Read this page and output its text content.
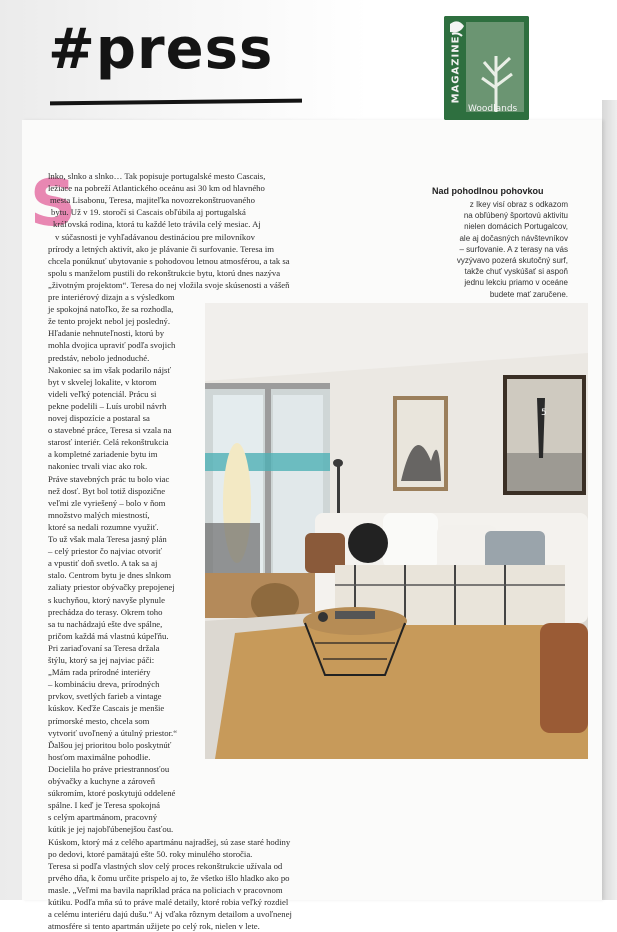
#press	MAGAZINE
Woodlands
S

lnko, slnko a slnko… Tak popisuje portugalské mesto Cascais,

ležiace na pobreží Atlantického oceánu asi 30 km od hlavného

mesta Lisabonu, Teresa, majiteľka novozrekonštruovaného

bytu. Už v 19. storočí si Cascais obľúbila aj portugalská

kráľovská rodina, ktorá tu každé leto trávila celý mesiac. Aj

v súčasnosti je vyhľadávanou destináciou pre milovníkov

prírody a letných aktivít, ako je plávanie či surfovanie. Teresa im

chcela ponúknuť ubytovanie s pohodovou letnou atmosférou, a tak sa

spolu s manželom pustili do rekonštrukcie bytu, ktorú dnes nazýva

„životným projektom“. Teresa do nej vložila svoje skúsenosti a vášeň

pre interiérový dizajn a s výsledkom

je spokojná natoľko, že sa rozhodla,

že tento projekt nebol jej posledný.

Hľadanie nehnuteľnosti, ktorú by

mohla dvojica upraviť podľa svojich

predstáv, nebolo jednoduché.

Nakoniec sa im však podarilo nájsť

byt v skvelej lokalite, v ktorom

videli veľký potenciál. Prácu si

pekne podelili – Luís urobil návrh

novej dispozície a postaral sa

o stavebné práce, Teresa si vzala na

starosť interiér. Celá rekonštrukcia

a kompletné zariadenie bytu im

nakoniec trvali viac ako rok.

Práve stavebných prác tu bolo viac

než dosť. Byt bol totiž dispozične

veľmi zle vyriešený – bolo v ňom

množstvo malých miestností,

ktoré sa nedali rozumne využiť.

To už však mala Teresa jasný plán

– celý priestor čo najviac otvoriť

a vpustiť doň svetlo. A tak sa aj

stalo. Centrom bytu je dnes slnkom

zaliaty priestor obývačky prepojenej

s kuchyňou, ktorý navyše plynule

prechádza do terasy. Okrem toho

sa tu nachádzajú ešte dve spálne,

pričom každá má vlastnú kúpeľňu.

Pri zariaďovaní sa Teresa držala

štýlu, ktorý sa jej najviac páči:

„Mám rada prírodné interiéry

– kombináciu dreva, prírodných

prvkov, svetlých farieb a vintage

kúskov. Keďže Cascais je menšie

prímorské mesto, chcela som

vytvoriť uvoľnený a útulný priestor.“

Ďalšou jej prioritou bolo poskytnúť

hosťom maximálne pohodlie.

Docielila ho práve priestrannosťou

obývačky a kuchyne a zároveň

súkromím, ktoré poskytujú oddelené

spálne. I keď je Teresa spokojná

s celým apartmánom, pracovný

kútik je jej najobľúbenejšou časťou.

Kúskom, ktorý má z celého apartmánu najradšej, sú zase staré hodiny

po dedovi, ktoré pamätajú ešte 50. roky minulého storočia.

Teresa si podľa vlastných slov celý proces rekonštrukcie užívala od

prvého dňa, k čomu určite prispelo aj to, že všetko išlo hladko ako po

masle. „Veľmi ma bavila napríklad práca na policiach v pracovnom

kútiku. Podľa mňa sú to práve malé detaily, ktoré robia veľký rozdiel

a celému interiéru dajú dušu.“ Aj vďaka rôznym detailom a uvoľnenej

atmosfére si tento apartmán užijete po celý rok, nielen v lete.

Nad pohodlnou pohovkou

z Ikey visí obraz s odkazom

na obľúbený športovú aktivitu

nielen domácich Portugalcov,

ale aj dočasných návštevníkov

– surfovanie. A z terasy na vás

vyzývavo pozerá skutočný surf,

takže chuť vyskúšať si aspoň

jednu lekciu priamo v oceáne

budete mať zaručene.

5
